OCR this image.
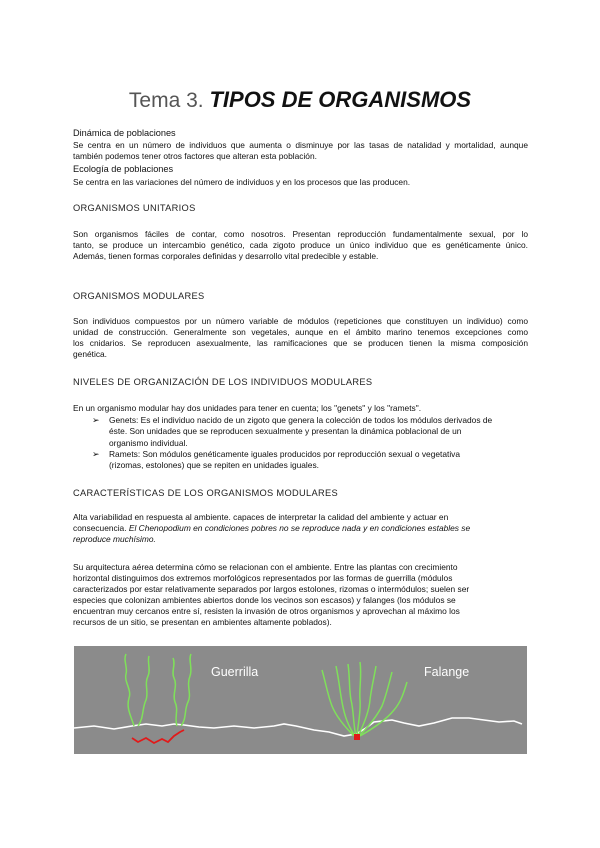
Tema 3. TIPOS DE ORGANISMOS
Dinámica de poblaciones
Se centra en un número de individuos que aumenta o disminuye por las tasas de natalidad y mortalidad, aunque
también podemos tener otros factores que alteran esta población.
Ecología de poblaciones
Se centra en las variaciones del número de individuos y en los procesos que las producen.
ORGANISMOS UNITARIOS
Son organismos fáciles de contar, como nosotros. Presentan reproducción fundamentalmente sexual, por lo
tanto, se produce un intercambio genético, cada zigoto produce un único individuo que es genéticamente único.
Además, tienen formas corporales definidas y desarrollo vital predecible y estable.
ORGANISMOS MODULARES
Son individuos compuestos por un número variable de módulos (repeticiones que constituyen un individuo) como
unidad de construcción. Generalmente son vegetales, aunque en el ámbito marino tenemos excepciones como
los cnidarios. Se reproducen asexualmente, las ramificaciones que se producen tienen la misma composición
genética.
NIVELES DE ORGANIZACIÓN DE LOS INDIVIDUOS MODULARES
En un organismo modular hay dos unidades para tener en cuenta; los "genets" y los "ramets".
➢ Genets: Es el individuo nacido de un zigoto que genera la colección de todos los módulos derivados de
éste. Son unidades que se reproducen sexualmente y presentan la dinámica poblacional de un
organismo individual.
➢ Ramets: Son módulos genéticamente iguales producidos por reproducción sexual o vegetativa
(rizomas, estolones) que se repiten en unidades iguales.
CARACTERÍSTICAS DE LOS ORGANISMOS MODULARES
Alta variabilidad en respuesta al ambiente. capaces de interpretar la calidad del ambiente y actuar en
consecuencia. El Chenopodium en condiciones pobres no se reproduce nada y en condiciones estables se
reproduce muchísimo.
Su arquitectura aérea determina cómo se relacionan con el ambiente. Entre las plantas con crecimiento
horizontal distinguimos dos extremos morfológicos representados por las formas de guerrilla (módulos
caracterizados por estar relativamente separados por largos estolones, rizomas o intermódulos; suelen ser
especies que colonizan ambientes abiertos donde los vecinos son escasos) y falanges (los módulos se
encuentran muy cercanos entre sí, resisten la invasión de otros organismos y aprovechan al máximo los
recursos de un sitio, se presentan en ambientes altamente poblados).
Guerrilla	Falange
